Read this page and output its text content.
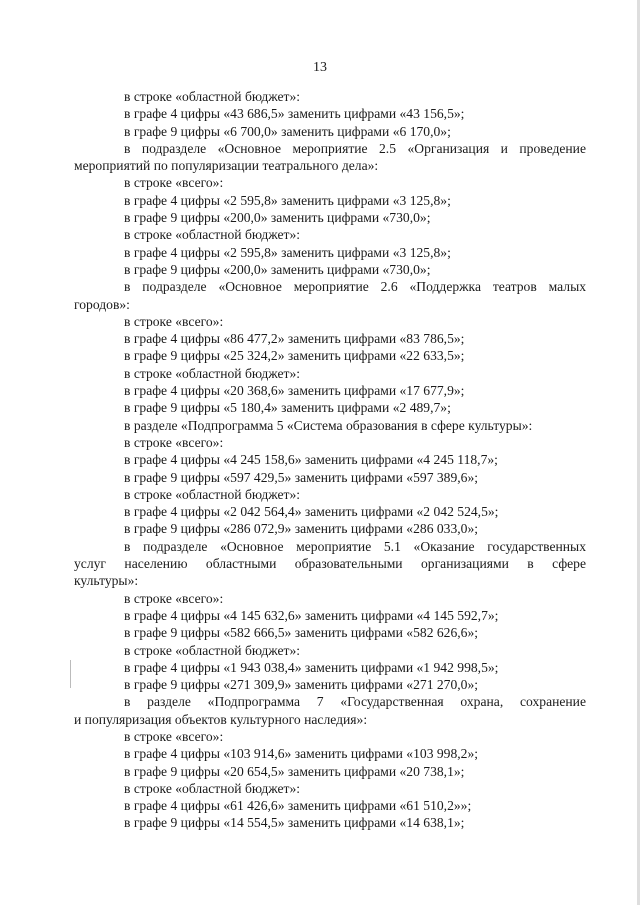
13
в строке «областной бюджет»:
в графе 4 цифры «43 686,5» заменить цифрами «43 156,5»;
в графе 9 цифры «6 700,0» заменить цифрами «6 170,0»;
в подразделе «Основное мероприятие 2.5 «Организация и проведение
мероприятий по популяризации театрального дела»:
в строке «всего»:
в графе 4 цифры «2 595,8» заменить цифрами «3 125,8»;
в графе 9 цифры «200,0» заменить цифрами «730,0»;
в строке «областной бюджет»:
в графе 4 цифры «2 595,8» заменить цифрами «3 125,8»;
в графе 9 цифры «200,0» заменить цифрами «730,0»;
в подразделе «Основное мероприятие 2.6 «Поддержка театров малых
городов»:
в строке «всего»:
в графе 4 цифры «86 477,2» заменить цифрами «83 786,5»;
в графе 9 цифры «25 324,2» заменить цифрами «22 633,5»;
в строке «областной бюджет»:
в графе 4 цифры «20 368,6» заменить цифрами «17 677,9»;
в графе 9 цифры «5 180,4» заменить цифрами «2 489,7»;
в разделе «Подпрограмма 5 «Система образования в сфере культуры»:
в строке «всего»:
в графе 4 цифры «4 245 158,6» заменить цифрами «4 245 118,7»;
в графе 9 цифры «597 429,5» заменить цифрами «597 389,6»;
в строке «областной бюджет»:
в графе 4 цифры «2 042 564,4» заменить цифрами «2 042 524,5»;
в графе 9 цифры «286 072,9» заменить цифрами «286 033,0»;
в подразделе «Основное мероприятие 5.1 «Оказание государственных
услуг населению областными образовательными организациями в сфере
культуры»:
в строке «всего»:
в графе 4 цифры «4 145 632,6» заменить цифрами «4 145 592,7»;
в графе 9 цифры «582 666,5» заменить цифрами «582 626,6»;
в строке «областной бюджет»:
в графе 4 цифры «1 943 038,4» заменить цифрами «1 942 998,5»;
в графе 9 цифры «271 309,9» заменить цифрами «271 270,0»;
в разделе «Подпрограмма 7 «Государственная охрана, сохранение
и популяризация объектов культурного наследия»:
в строке «всего»:
в графе 4 цифры «103 914,6» заменить цифрами «103 998,2»;
в графе 9 цифры «20 654,5» заменить цифрами «20 738,1»;
в строке «областной бюджет»:
в графе 4 цифры «61 426,6» заменить цифрами «61 510,2»»;
в графе 9 цифры «14 554,5» заменить цифрами «14 638,1»;
